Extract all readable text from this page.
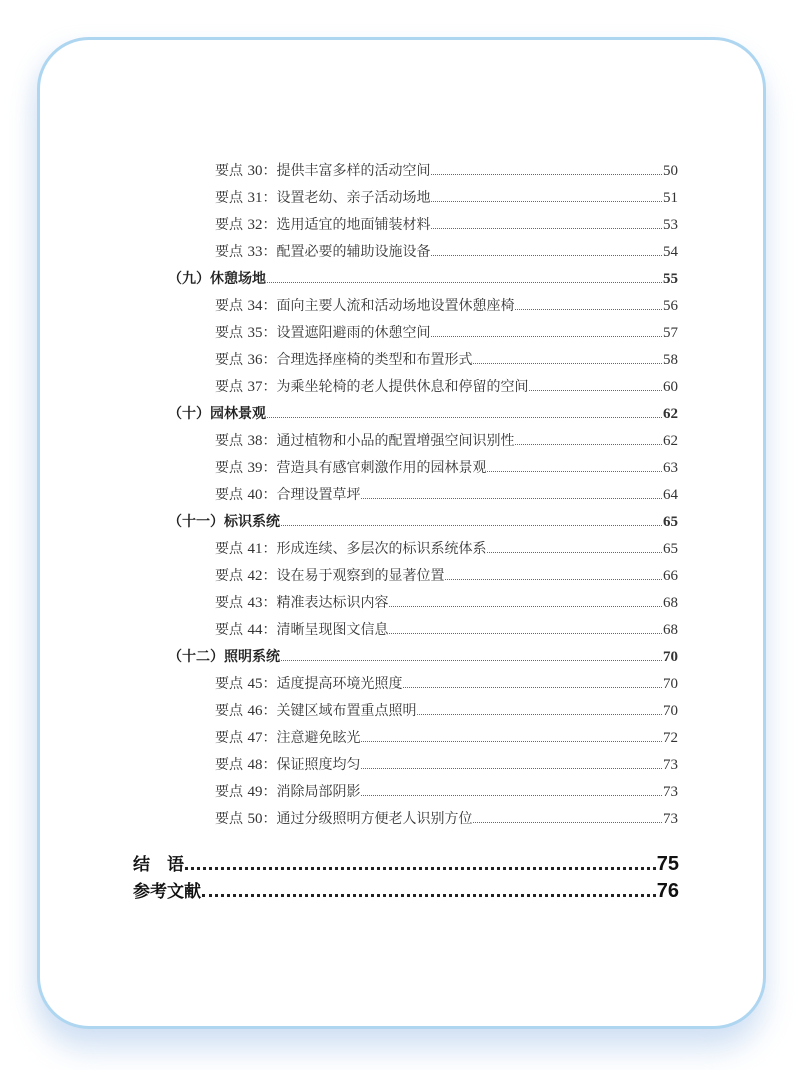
要点 30：提供丰富多样的活动空间	50
要点 31：设置老幼、亲子活动场地	51
要点 32：选用适宜的地面铺装材料	53
要点 33：配置必要的辅助设施设备	54
（九）休憩场地	55
要点 34：面向主要人流和活动场地设置休憩座椅	56
要点 35：设置遮阳避雨的休憩空间	57
要点 36：合理选择座椅的类型和布置形式	58
要点 37：为乘坐轮椅的老人提供休息和停留的空间	60
（十）园林景观	62
要点 38：通过植物和小品的配置增强空间识别性	62
要点 39：营造具有感官刺激作用的园林景观	63
要点 40：合理设置草坪	64
（十一）标识系统	65
要点 41：形成连续、多层次的标识系统体系	65
要点 42：设在易于观察到的显著位置	66
要点 43：精准表达标识内容	68
要点 44：清晰呈现图文信息	68
（十二）照明系统	70
要点 45：适度提高环境光照度	70
要点 46：关键区域布置重点照明	70
要点 47：注意避免眩光	72
要点 48：保证照度均匀	73
要点 49：消除局部阴影	73
要点 50：通过分级照明方便老人识别方位	73
结　语	75
参考文献	76
